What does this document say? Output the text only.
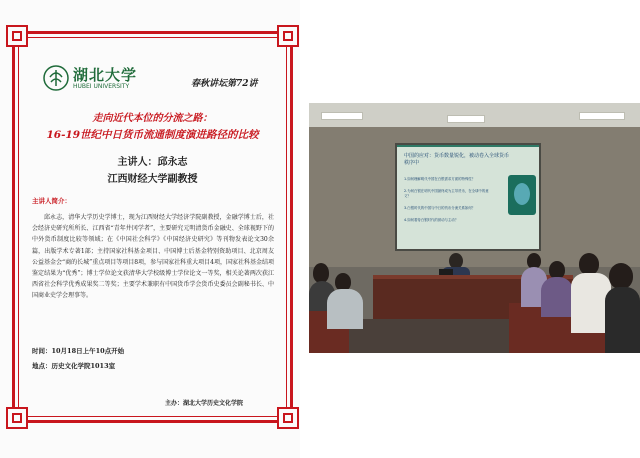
湖北大学
HUBEI UNIVERSITY	春秋讲坛第72讲
走向近代本位的分流之路：
16-19世纪中日货币流通制度演进路径的比较
主讲人：邱永志
江西财经大学副教授
主讲人简介：
邱永志，清华大学历史学博士，现为江西财经大学经济学院副教授，金融学博士后，社会经济史研究所所长、江西省“青年井冈学者”，主要研究元明清货币金融史、全球视野下的中外货币制度比较等领域；在《中国社会科学》《中国经济史研究》等刊物发表论文30余篇，出版学术专著1部；主持国家社科基金项目、中国博士后基金特别资助项目、北京周友公益基金会“商的长城”重点项目等项目8项，参与国家社科重大项目4项，国家社科基金结项鉴定结果为“优秀”；博士学位论文获清华大学校级博士学位论文一等奖，相关论著两次获江西省社会科学优秀成果奖二等奖；主要学术兼职有中国货币学会货币史委员会副秘书长、中国商业史学会理事等。
时间：10月18日上午10点开始
地点：历史文化学院1013室
主办：湖北大学历史文化学院
中国的应对：货币数量锐化，被动卷入全球货币秩序中
1.如何理解明代中国在白银需求方面的特殊性？
2.为何白银在明代中国最终成为主导货币，在全球中的意义？
3.白银时代的中国与中日的货币分流关系如何？
4.如何看待白银时代的被动与主动？
